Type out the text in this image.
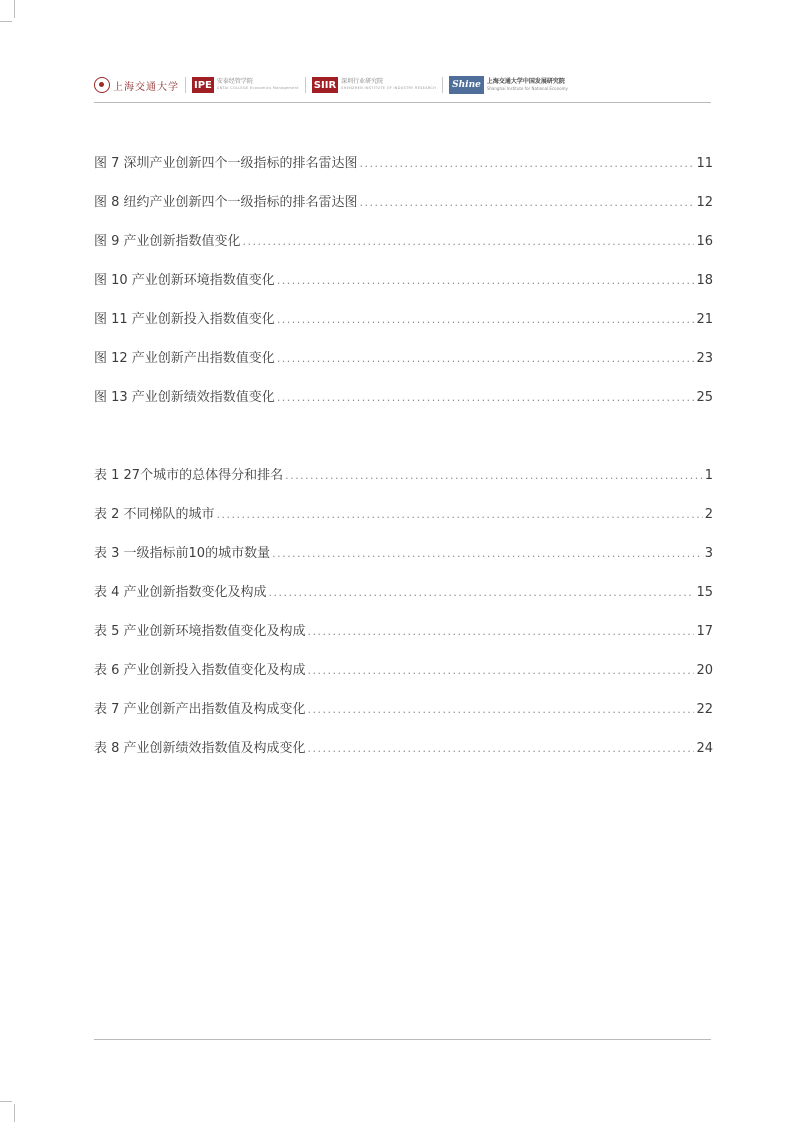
上海交通大学 IPE 安泰经管学院
ANTAI COLLEGE Economics Management SIIR 深圳行业研究院
SHENZHEN INSTITUTE OF INDUSTRY RESEARCH	Shine	上海交通大学中国发展研究院
Shanghai Institute for National Economy
图 7 深圳产业创新四个一级指标的排名雷达图 .....	11
图 8 纽约产业创新四个一级指标的排名雷达图 .....	12
图 9 产业创新指数值变化 .....	16
图 10 产业创新环境指数值变化 .....	18
图 11 产业创新投入指数值变化 .....	21
图 12 产业创新产出指数值变化 .....	23
图 13 产业创新绩效指数值变化 .....	25
表 1 27个城市的总体得分和排名 .....	1
表 2 不同梯队的城市 .....	2
表 3 一级指标前10的城市数量 .....	3
表 4 产业创新指数变化及构成 .....	15
表 5 产业创新环境指数值变化及构成 .....	17
表 6 产业创新投入指数值变化及构成 .....	20
表 7 产业创新产出指数值及构成变化 .....	22
表 8 产业创新绩效指数值及构成变化 .....	24
